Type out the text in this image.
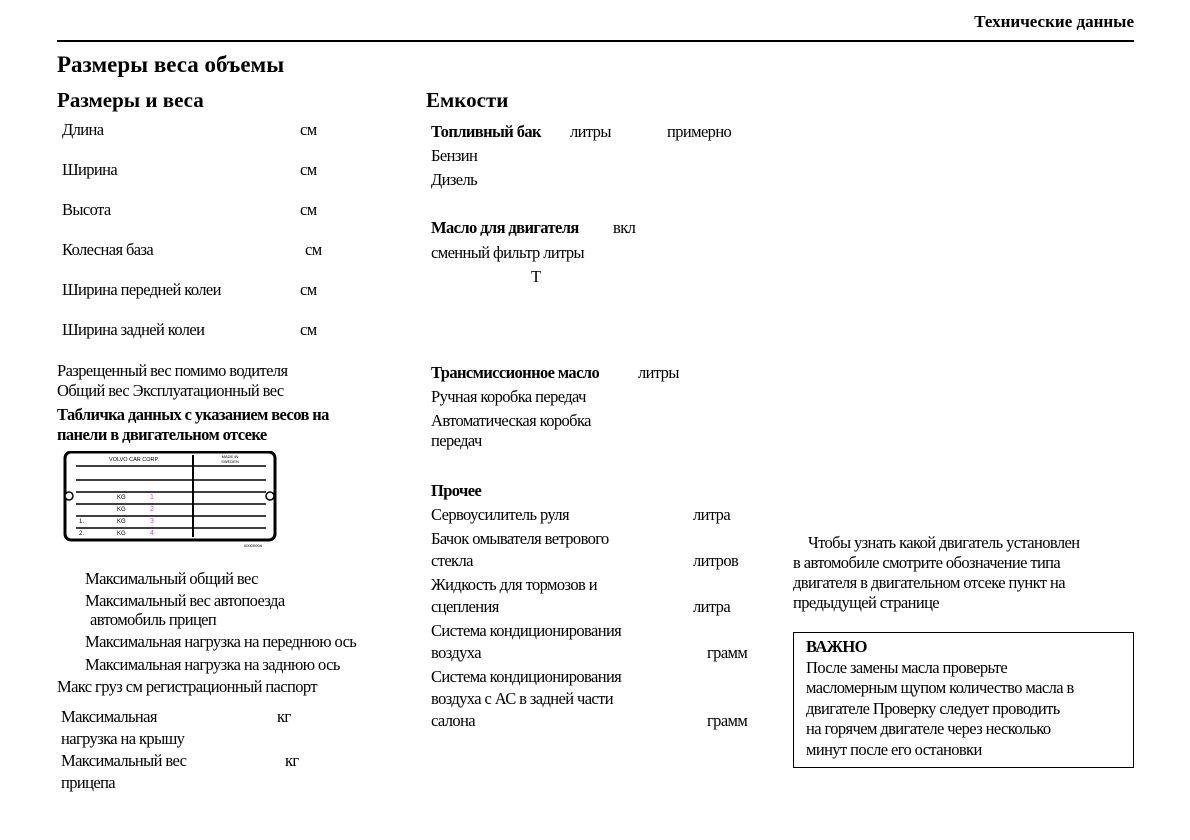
Технические данные
Размеры веса объемы
Размеры и веса
Длина	см
Ширина	см
Высота	см
Колесная база	см
Ширина передней колеи	см
Ширина задней колеи	см
Разрещенный вес помимо водителя
Общий вес Эксплуатационный вес
Табличка данных с указанием весов на
панели в двигательном отсеке
VOLVO CAR CORP.
MADE IN
SWEDEN
KG
KG
KG
KG
1.
2.
1
2
3
4
0000000A
Максимальный общий вес
Максимальный вес автопоезда
автомобиль прицеп
Максимальная нагрузка на переднюю ось
Максимальная нагрузка на заднюю ось
Макс груз см регистрационный паспорт
Максимальная
нагрузка на крышу
кг
Максимальный вес
прицепа
кг
Емкости
Топливный бак литры	примерно
Бензин
Дизель
Масло для двигателя вкл
сменный фильтр литры
T
Трансмиссионное масло литры
Ручная коробка передач
Автоматическая коробка
передач
Прочее
Сервоусилитель руля	литра
Бачок омывателя ветрового
стекла	литров
Жидкость для тормозов и
сцепления	литра
Система кондиционирования
воздуха	грамм
Система кондиционирования
воздуха с АС в задней части
салона	грамм
Чтобы узнать какой двигатель установлен
в автомобиле смотрите обозначение типа
двигателя в двигательном отсеке пункт на
предыдущей странице
ВАЖНО
После замены масла проверьте
масломерным щупом количество масла в
двигателе Проверку следует проводить
на горячем двигателе через несколько
минут после его остановки
